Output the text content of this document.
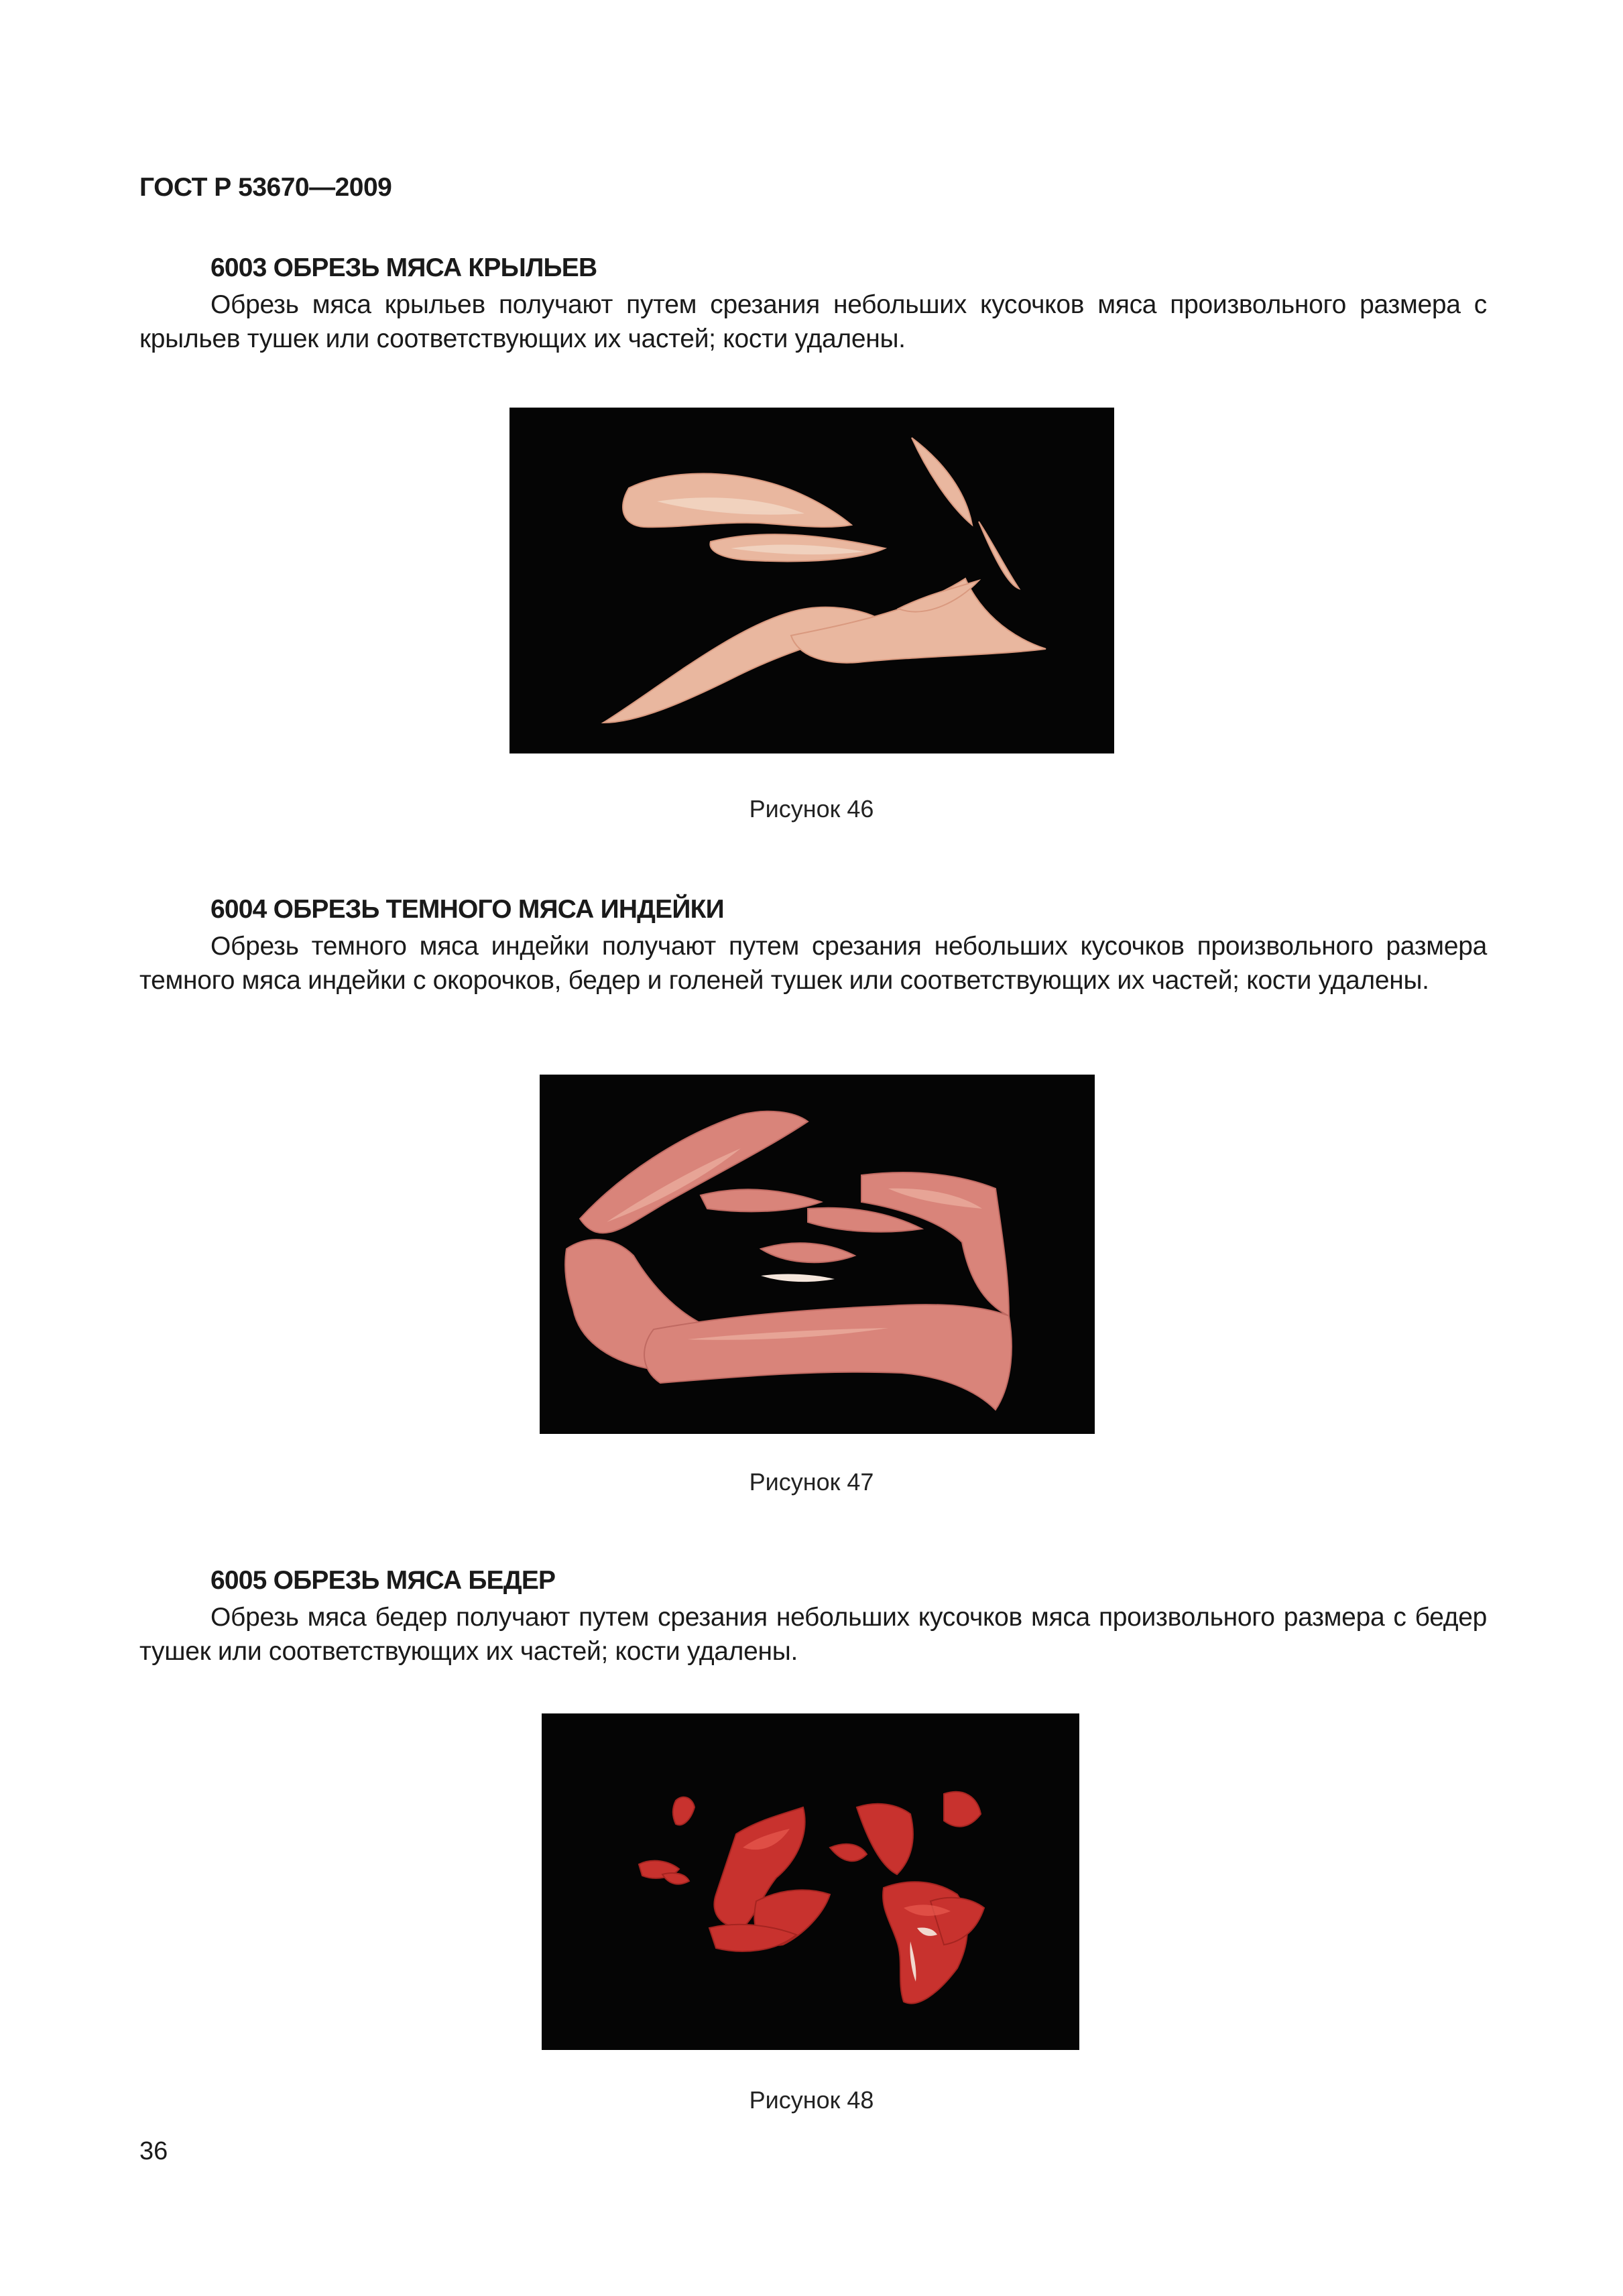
ГОСТ Р 53670—2009
6003 ОБРЕЗЬ МЯСА КРЫЛЬЕВ

Обрезь мяса крыльев получают путем срезания небольших кусочков мяса произвольного размера с крыльев тушек или соответствующих их частей; кости удалены.

Рисунок 46
6004 ОБРЕЗЬ ТЕМНОГО МЯСА ИНДЕЙКИ

Обрезь темного мяса индейки получают путем срезания небольших кусочков произвольного размера темного мяса индейки с окорочков, бедер и голеней тушек или соответствующих их частей; кости удалены.

Рисунок 47
6005 ОБРЕЗЬ МЯСА БЕДЕР

Обрезь мяса бедер получают путем срезания небольших кусочков мяса произвольного размера с бедер тушек или соответствующих их частей; кости удалены.

Рисунок 48
36
